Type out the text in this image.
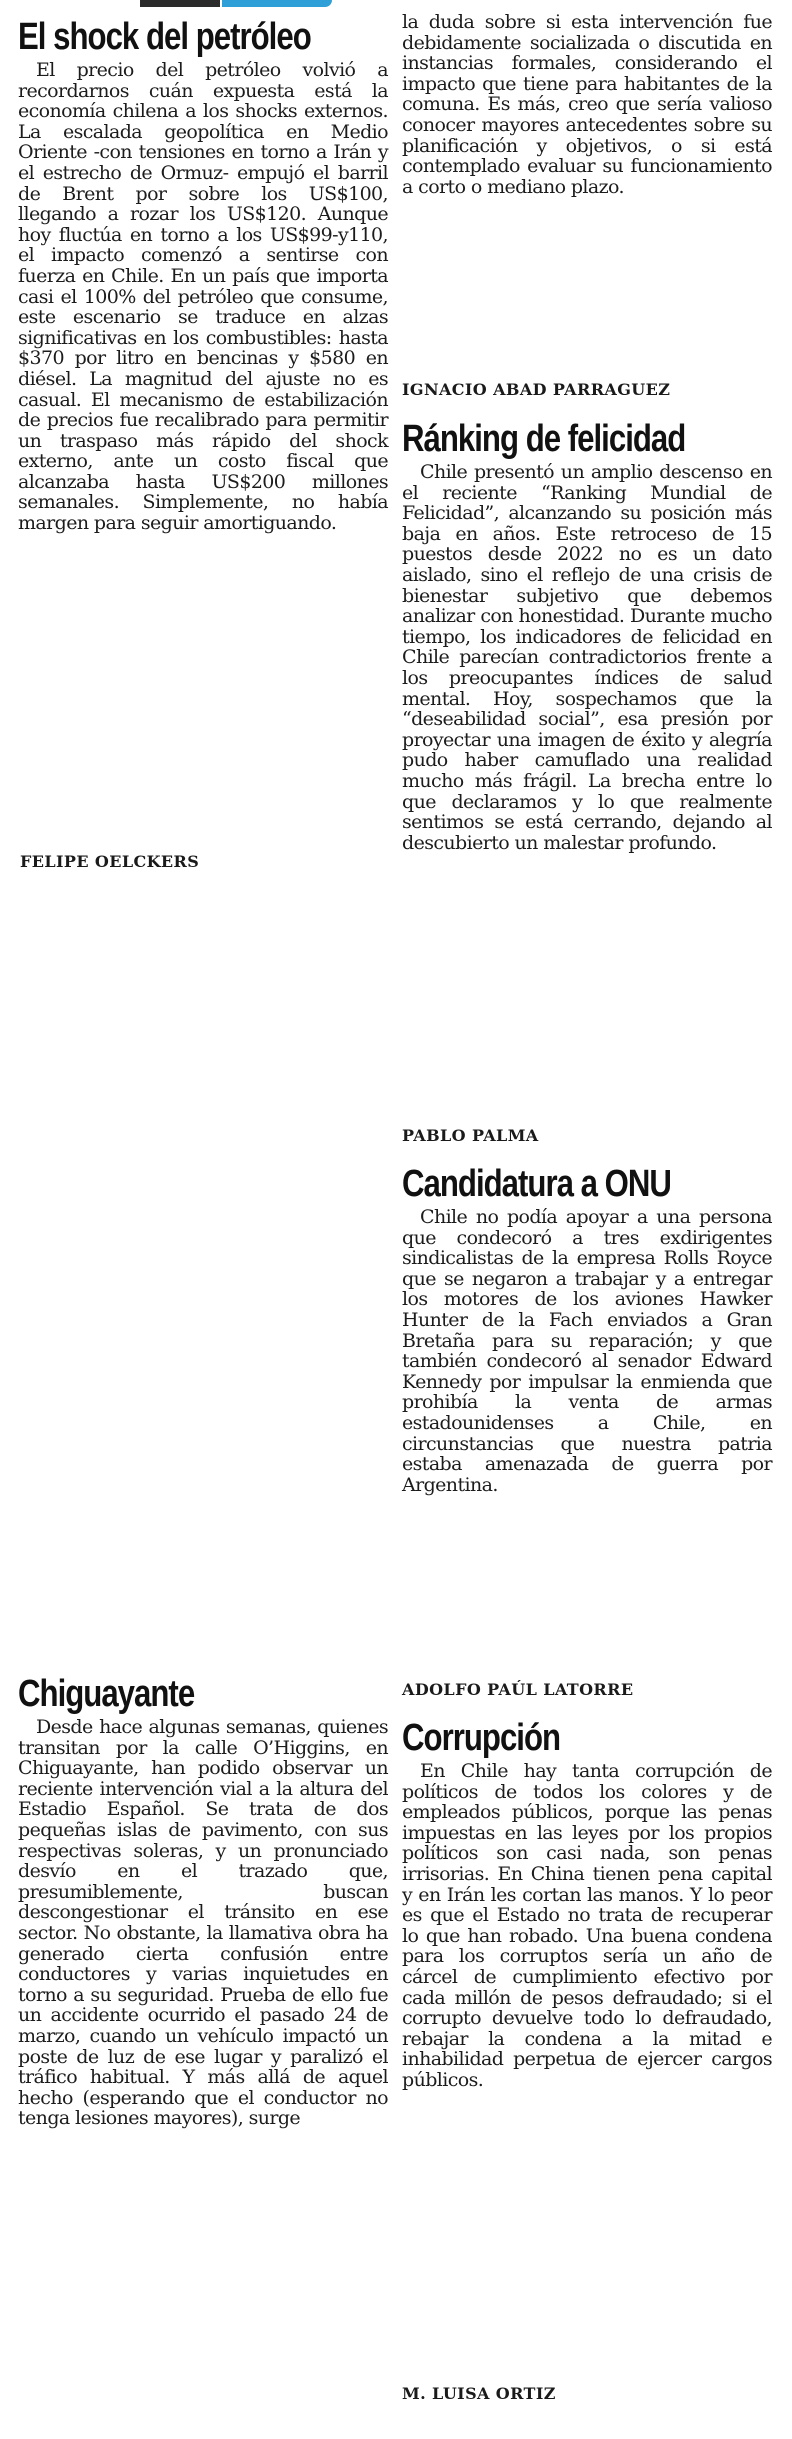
El shock del petróleo

El precio del petróleo volvió a recordarnos cuán expuesta está la economía chilena a los shocks externos. La escalada geopolítica en Medio Oriente -con tensiones en torno a Irán y el estrecho de Ormuz- empujó el barril de Brent por sobre los US$100, llegando a rozar los US$120. Aunque hoy fluctúa en torno a los US$99-y110, el impacto comenzó a sentirse con fuerza en Chile. En un país que importa casi el 100% del petróleo que consume, este escenario se traduce en alzas significativas en los combustibles: hasta $370 por litro en bencinas y $580 en diésel. La magnitud del ajuste no es casual. El mecanismo de estabilización de precios fue recalibrado para permitir un traspaso más rápido del shock externo, ante un costo fiscal que alcanzaba hasta US$200 millones semanales. Simplemente, no había margen para seguir amortiguando.

FELIPE OELCKERS
Chiguayante

Desde hace algunas semanas, quienes transitan por la calle O’Higgins, en Chiguayante, han podido observar un reciente intervención vial a la altura del Estadio Español. Se trata de dos pequeñas islas de pavimento, con sus respectivas soleras, y un pronunciado desvío en el trazado que, presumiblemente, buscan descongestionar el tránsito en ese sector. No obstante, la llamativa obra ha generado cierta confusión entre conductores y varias inquietudes en torno a su seguridad. Prueba de ello fue un accidente ocurrido el pasado 24 de marzo, cuando un vehículo impactó un poste de luz de ese lugar y paralizó el tráfico habitual. Y más allá de aquel hecho (esperando que el conductor no tenga lesiones mayores), surge

la duda sobre si esta intervención fue debidamente socializada o discutida en instancias formales, considerando el impacto que tiene para habitantes de la comuna. Es más, creo que sería valioso conocer mayores antecedentes sobre su planificación y objetivos, o si está contemplado evaluar su funcionamiento a corto o mediano plazo.

IGNACIO ABAD PARRAGUEZ
Ránking de felicidad

Chile presentó un amplio descenso en el reciente “Ranking Mundial de Felicidad”, alcanzando su posición más baja en años. Este retroceso de 15 puestos desde 2022 no es un dato aislado, sino el reflejo de una crisis de bienestar subjetivo que debemos analizar con honestidad. Durante mucho tiempo, los indicadores de felicidad en Chile parecían contradictorios frente a los preocupantes índices de salud mental. Hoy, sospechamos que la “deseabilidad social”, esa presión por proyectar una imagen de éxito y alegría pudo haber camuflado una realidad mucho más frágil. La brecha entre lo que declaramos y lo que realmente sentimos se está cerrando, dejando al descubierto un malestar profundo.

PABLO PALMA
Candidatura a ONU

Chile no podía apoyar a una persona que condecoró a tres exdirigentes sindicalistas de la empresa Rolls Royce que se negaron a trabajar y a entregar los motores de los aviones Hawker Hunter de la Fach enviados a Gran Bretaña para su reparación; y que también condecoró al senador Edward Kennedy por impulsar la enmienda que prohibía la venta de armas estadounidenses a Chile, en circunstancias que nuestra patria estaba amenazada de guerra por Argentina.

ADOLFO PAÚL LATORRE
Corrupción

En Chile hay tanta corrupción de políticos de todos los colores y de empleados públicos, porque las penas impuestas en las leyes por los propios políticos son casi nada, son penas irrisorias. En China tienen pena capital y en Irán les cortan las manos. Y lo peor es que el Estado no trata de recuperar lo que han robado. Una buena condena para los corruptos sería un año de cárcel de cumplimiento efectivo por cada millón de pesos defraudado; si el corrupto devuelve todo lo defraudado, rebajar la condena a la mitad e inhabilidad perpetua de ejercer cargos públicos.

M. LUISA ORTIZ
